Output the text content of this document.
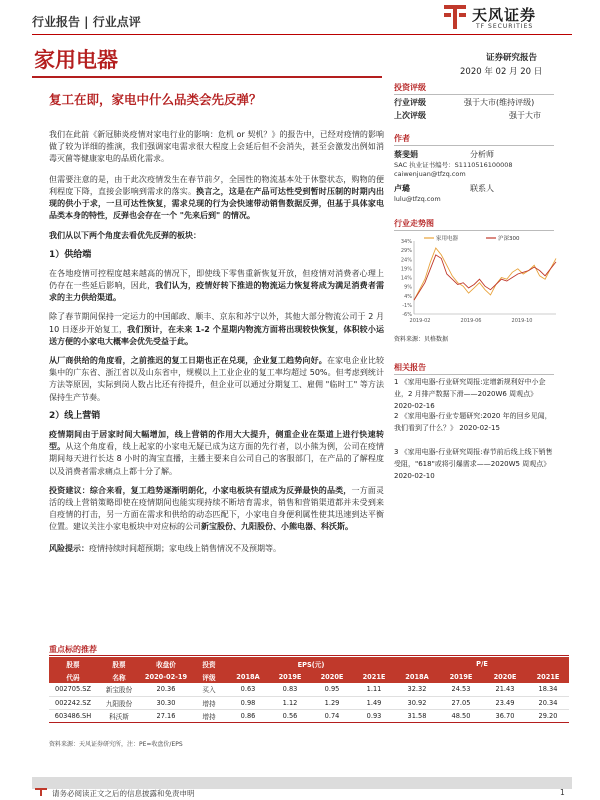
行业报告 | 行业点评	天风证券
TF SECURITIES
家用电器	证券研究报告
2020 年 02 月 20 日
复工在即，家电中什么品类会先反弹？
投资评级
行业评级	强于大市(维持评级)
上次评级	强于大市
作者
蔡斐娟	分析师
SAC 执业证书编号：S1110516100008
caiwenjuan@tfzq.com
卢璐	联系人
lulu@tfzq.com
行业走势图
34%
29%
24%
19%
14%
9%
4%
-1%
-6%
2019-02	2019-06	2019-10
家用电器	沪深300
资料来源：贝格数据
相关报告
1 《家用电器-行业研究周报:定增新规利好中小企业，2 月排产数据下滑——2020W6 周观点》 2020-02-16
2 《家用电器-行业专题研究:2020 年的回乡见闻，我们看到了什么？》 2020-02-15
3 《家用电器-行业研究周报:春节前后线上线下销售受阻，"618"或将引爆需求——2020W5 周观点》 2020-02-10

我们在此前《新冠肺炎疫情对家电行业的影响：危机 or 契机？》的报告中，已经对疫情的影响做了较为详细的推演，我们强调家电需求很大程度上会延后但不会消失，甚至会激发出例如消毒灭菌等健康家电的品质化需求。

但需要注意的是，由于此次疫情发生在春节前夕，全国性的物流基本处于休整状态，购物的便利程度下降，直接会影响到需求的落实。换言之，这是在产品可达性受到暂时压制的时期内出现的供小于求，一旦可达性恢复，需求兑现的行为会快速带动销售数据反弹，但基于具体家电品类本身的特性，反弹也会存在一个 "先来后到" 的情况。

我们从以下两个角度去看优先反弹的板块：

1）供给端

在各地疫情可控程度越来越高的情况下，即使线下零售重新恢复开放，但疫情对消费者心理上仍存在一些延后影响，因此，我们认为，疫情好转下推进的物流运力恢复将成为满足消费者需求的主力供给渠道。

除了春节期间保持一定运力的中国邮政、顺丰、京东和苏宁以外，其他大部分物流公司于 2 月 10 日逐步开始复工，我们预计，在未来 1-2 个星期内物流方面将出现较快恢复，体积较小运送方便的小家电大概率会优先受益于此。

从厂商供给的角度看，之前推迟的复工日期也正在兑现，企业复工趋势向好。在家电企业比较集中的广东省、浙江省以及山东省中，规模以上工业企业的复工率均超过 50%。但考虑到统计方法等原因，实际到岗人数占比还有待提升，但企业可以通过分期复工、雇佣 "临时工" 等方法保持生产节奏。

2）线上营销

疫情期间由于居家时间大幅增加，线上营销的作用大大提升，侧重企业在渠道上进行快速转型。从这个角度看，线上起家的小家电无疑已成为这方面的先行者，以小熊为例，公司在疫情期间每天进行长达 8 小时的淘宝直播，主播主要来自公司自己的客服部门，在产品的了解程度以及消费者需求痛点上都十分了解。

投资建议：综合来看，复工趋势逐渐明朗化，小家电板块有望成为反弹最快的品类，一方面灵活的线上营销策略即使在疫情期间也能实现持续不断培育需求，销售和营销渠道都并未受到来自疫情的打击，另一方面在需求和供给的动态匹配下，小家电自身便利属性使其迅速到达平衡位置。建议关注小家电板块中对应标的公司新宝股份、九阳股份、小熊电器、科沃斯。

风险提示：疫情持续时间超预期；家电线上销售情况不及预期等。

重点标的推荐
股票	股票	收盘价	投资	EPS(元)				P/E			
代码	名称	2020-02-19	评级	2018A	2019E	2020E	2021E	2018A	2019E	2020E	2021E
002705.SZ	新宝股份	20.36	买入	0.63	0.83	0.95	1.11	32.32	24.53	21.43	18.34
002242.SZ	九阳股份	30.30	增持	0.98	1.12	1.29	1.49	30.92	27.05	23.49	20.34
603486.SH	科沃斯	27.16	增持	0.86	0.56	0.74	0.93	31.58	48.50	36.70	29.20
资料来源：天风证券研究所，注：PE=收盘价/EPS
请务必阅读正文之后的信息披露和免责申明	1
